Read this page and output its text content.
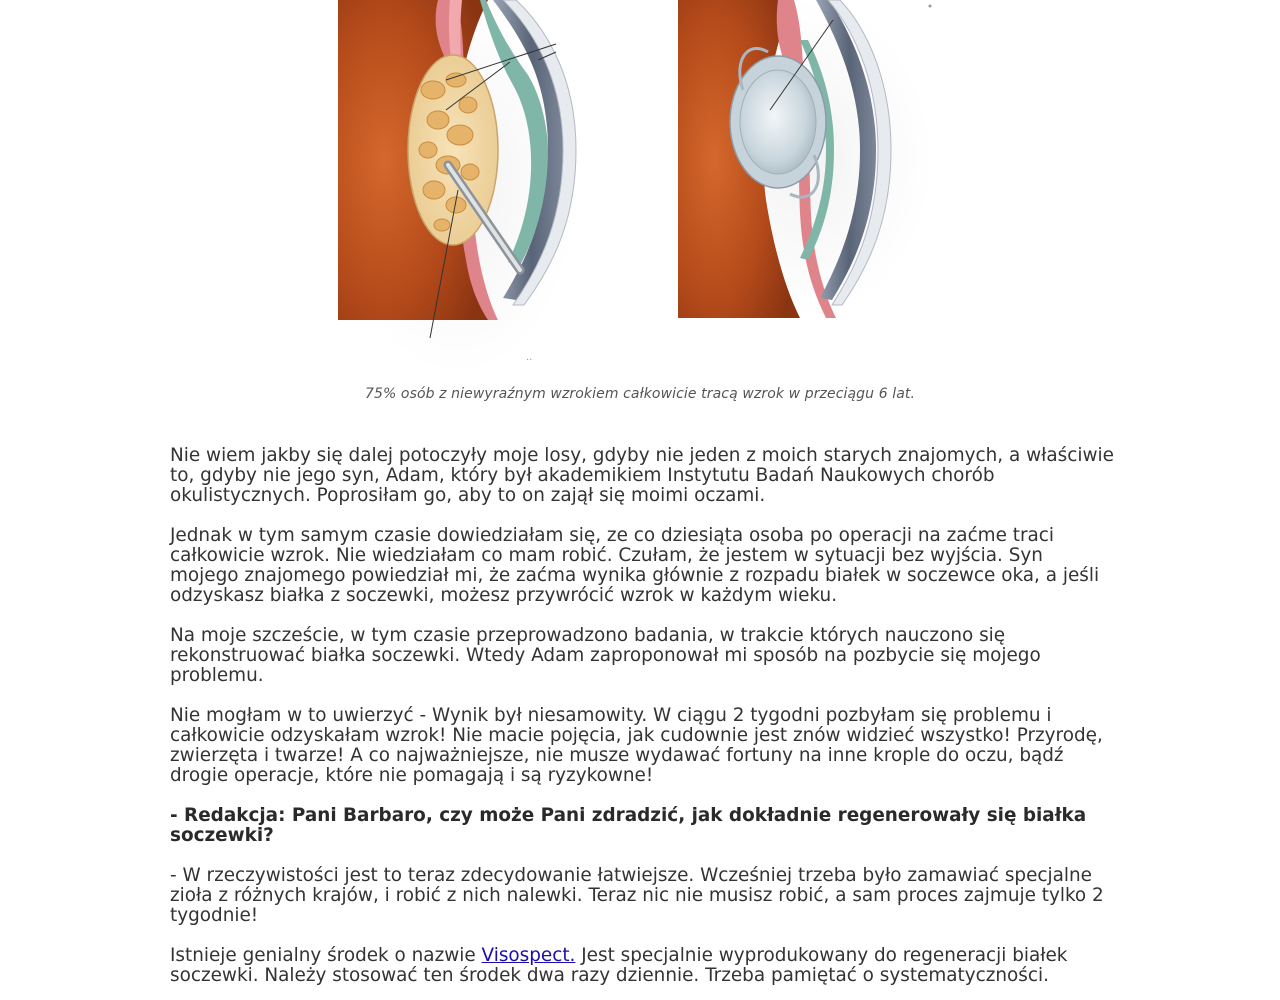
..
75% osób z niewyraźnym wzrokiem całkowicie tracą wzrok w przeciągu 6 lat.

Nie wiem jakby się dalej potoczyły moje losy, gdyby nie jeden z moich starych znajomych, a właściwie to, gdyby nie jego syn, Adam, który był akademikiem Instytutu Badań Naukowych chorób okulistycznych. Poprosiłam go, aby to on zajął się moimi oczami.

Jednak w tym samym czasie dowiedziałam się, ze co dziesiąta osoba po operacji na zaćme traci całkowicie wzrok. Nie wiedziałam co mam robić. Czułam, że jestem w sytuacji bez wyjścia. Syn mojego znajomego powiedział mi, że zaćma wynika głównie z rozpadu białek w soczewce oka, a jeśli odzyskasz białka z soczewki, możesz przywrócić wzrok w każdym wieku.

Na moje szczeście, w tym czasie przeprowadzono badania, w trakcie których nauczono się rekonstruować białka soczewki. Wtedy Adam zaproponował mi sposób na pozbycie się mojego problemu.

Nie mogłam w to uwierzyć - Wynik był niesamowity. W ciągu 2 tygodni pozbyłam się problemu i całkowicie odzyskałam wzrok! Nie macie pojęcia, jak cudownie jest znów widzieć wszystko! Przyrodę, zwierzęta i twarze! A co najważniejsze, nie musze wydawać fortuny na inne krople do oczu, bądź drogie operacje, które nie pomagają i są ryzykowne!

- Redakcja: Pani Barbaro, czy może Pani zdradzić, jak dokładnie regenerowały się białka soczewki?

- W rzeczywistości jest to teraz zdecydowanie łatwiejsze. Wcześniej trzeba było zamawiać specjalne zioła z różnych krajów, i robić z nich nalewki. Teraz nic nie musisz robić, a sam proces zajmuje tylko 2 tygodnie!

Istnieje genialny środek o nazwie Visospect. Jest specjalnie wyprodukowany do regeneracji białek soczewki. Należy stosować ten środek dwa razy dziennie. Trzeba pamiętać o systematyczności.
